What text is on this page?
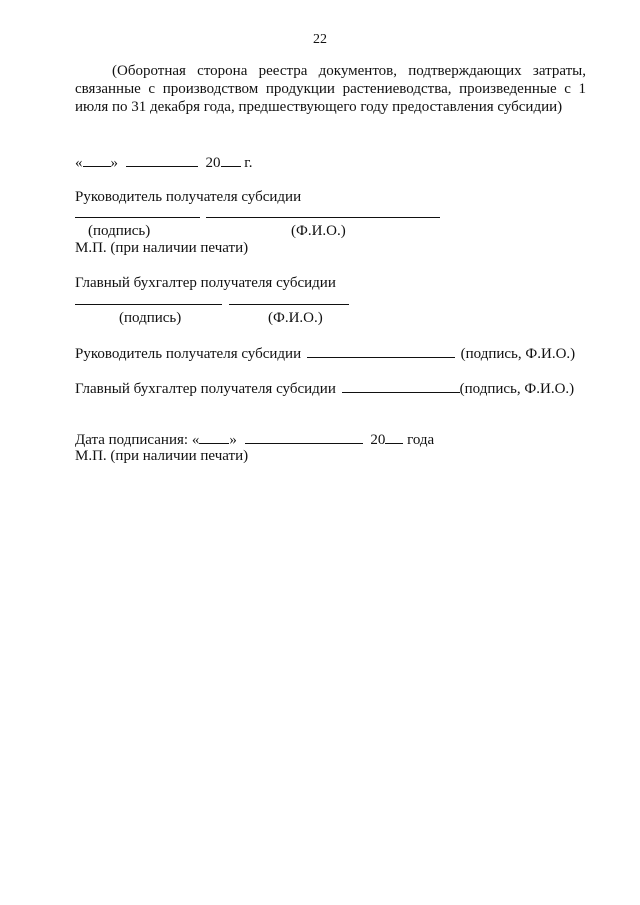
22
(Оборотная сторона реестра документов, подтверждающих затраты, связанные с производством продукции растениеводства, произведенные с 1 июля по 31 декабря года, предшествующего году предоставления субсидии)
« »	20 г.
Руководитель получателя субсидии
(подпись)	(Ф.И.О.)
М.П. (при наличии печати)
Главный бухгалтер получателя субсидии
(подпись)	(Ф.И.О.)
Руководитель получателя субсидии	(подпись, Ф.И.О.)
Главный бухгалтер получателя субсидии	(подпись, Ф.И.О.)
Дата подписания: « »	20 года
М.П. (при наличии печати)
